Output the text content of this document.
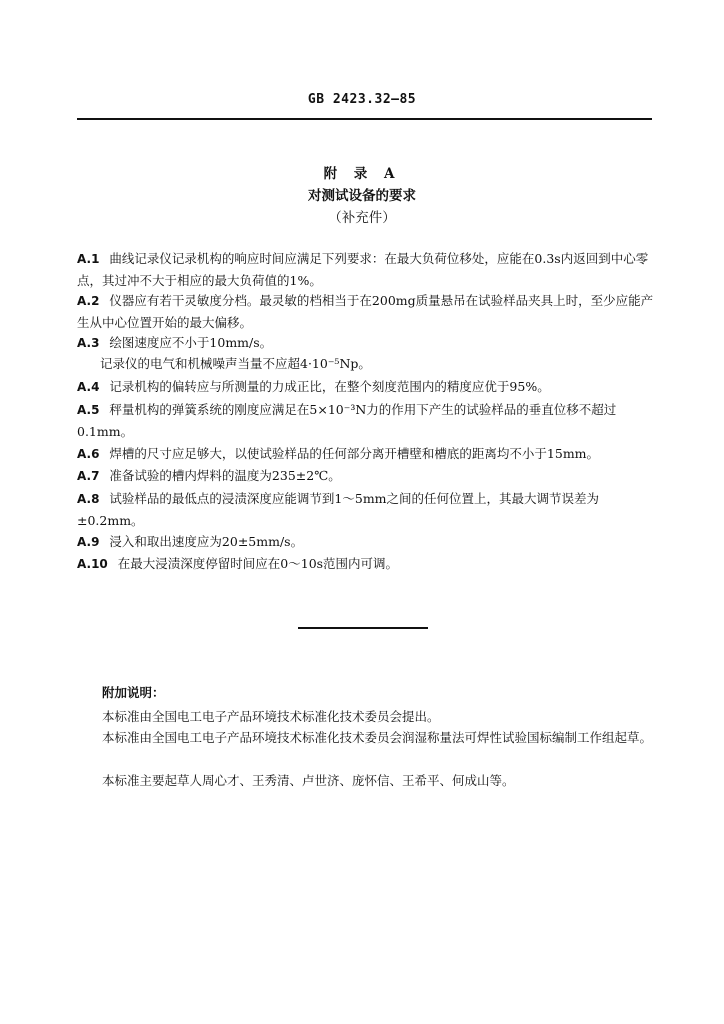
GB 2423.32—85
附 录 A
对测试设备的要求
（补充件）
A.1 曲线记录仪记录机构的响应时间应满足下列要求：在最大负荷位移处，应能在0.3s内返回到中心零点，其过冲不大于相应的最大负荷值的1%。
A.2 仪器应有若干灵敏度分档。最灵敏的档相当于在200mg质量悬吊在试验样品夹具上时，至少应能产生从中心位置开始的最大偏移。
A.3 绘图速度应不小于10mm/s。
记录仪的电气和机械噪声当量不应超4·10⁻⁵Np。
A.4 记录机构的偏转应与所测量的力成正比，在整个刻度范围内的精度应优于95%。
A.5 秤量机构的弹簧系统的刚度应满足在5×10⁻³N力的作用下产生的试验样品的垂直位移不超过0.1mm。
A.6 焊槽的尺寸应足够大，以使试验样品的任何部分离开槽壁和槽底的距离均不小于15mm。
A.7 准备试验的槽内焊料的温度为235±2℃。
A.8 试验样品的最低点的浸渍深度应能调节到1～5mm之间的任何位置上，其最大调节误差为±0.2mm。
A.9 浸入和取出速度应为20±5mm/s。
A.10 在最大浸渍深度停留时间应在0～10s范围内可调。
附加说明：
本标准由全国电工电子产品环境技术标准化技术委员会提出。
本标准由全国电工电子产品环境技术标准化技术委员会润湿称量法可焊性试验国标编制工作组起草。
本标准主要起草人周心才、王秀清、卢世济、庞怀信、王希平、何成山等。
